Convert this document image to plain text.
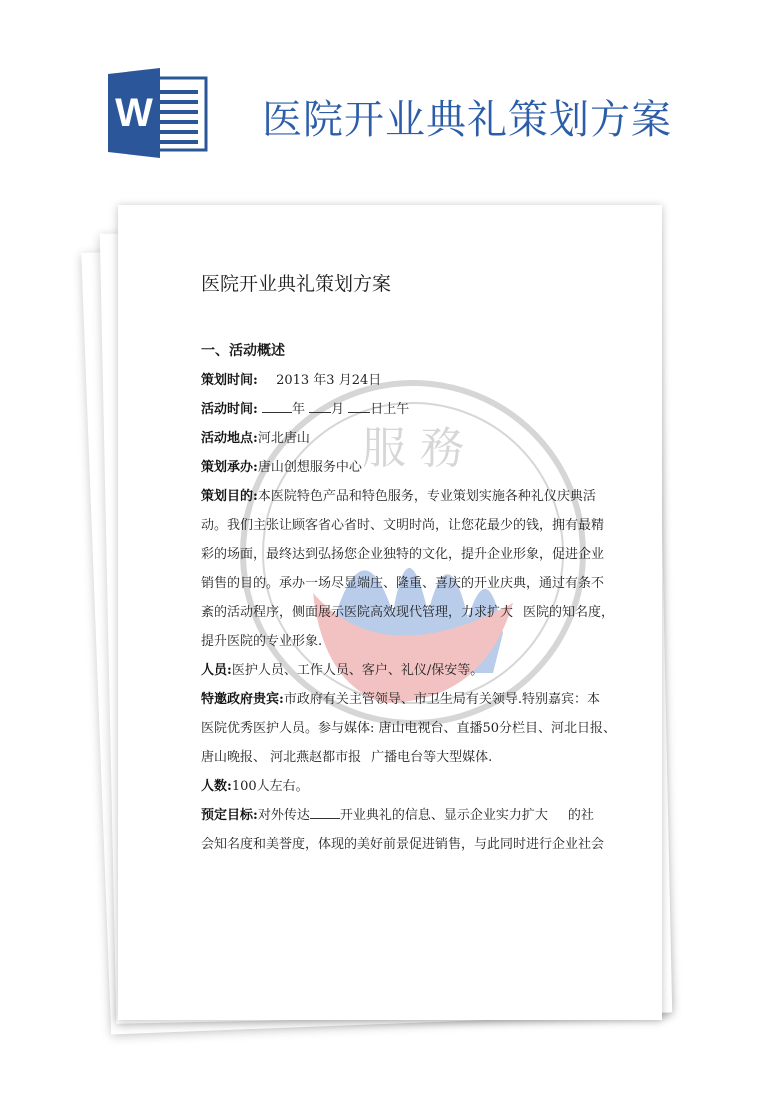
W	医院开业典礼策划方案
服 務
医院开业典礼策划方案
一、活动概述

策划时间: 2013 年3 月24日

活动时间:	年 月 日上午

活动地点:河北唐山

策划承办:唐山创想服务中心

策划目的:本医院特色产品和特色服务，专业策划实施各种礼仪庆典活
动。我们主张让顾客省心省时、文明时尚，让您花最少的钱，拥有最精
彩的场面，最终达到弘扬您企业独特的文化，提升企业形象，促进企业
销售的目的。承办一场尽显端庄、隆重、喜庆的开业庆典，通过有条不
紊的活动程序，侧面展示医院高效现代管理，力求扩大 医院的知名度，
提升医院的专业形象.

人员:医护人员、工作人员、客户、礼仪/保安等。

特邀政府贵宾:市政府有关主管领导、市卫生局有关领导.特别嘉宾：本
医院优秀医护人员。参与媒体: 唐山电视台、直播50分栏目、河北日报、
唐山晚报、 河北燕赵都市报 广播电台等大型媒体.

人数:100人左右。

预定目标:对外传达 开业典礼的信息、显示企业实力扩大 的社
会知名度和美誉度，体现的美好前景促进销售，与此同时进行企业社会
